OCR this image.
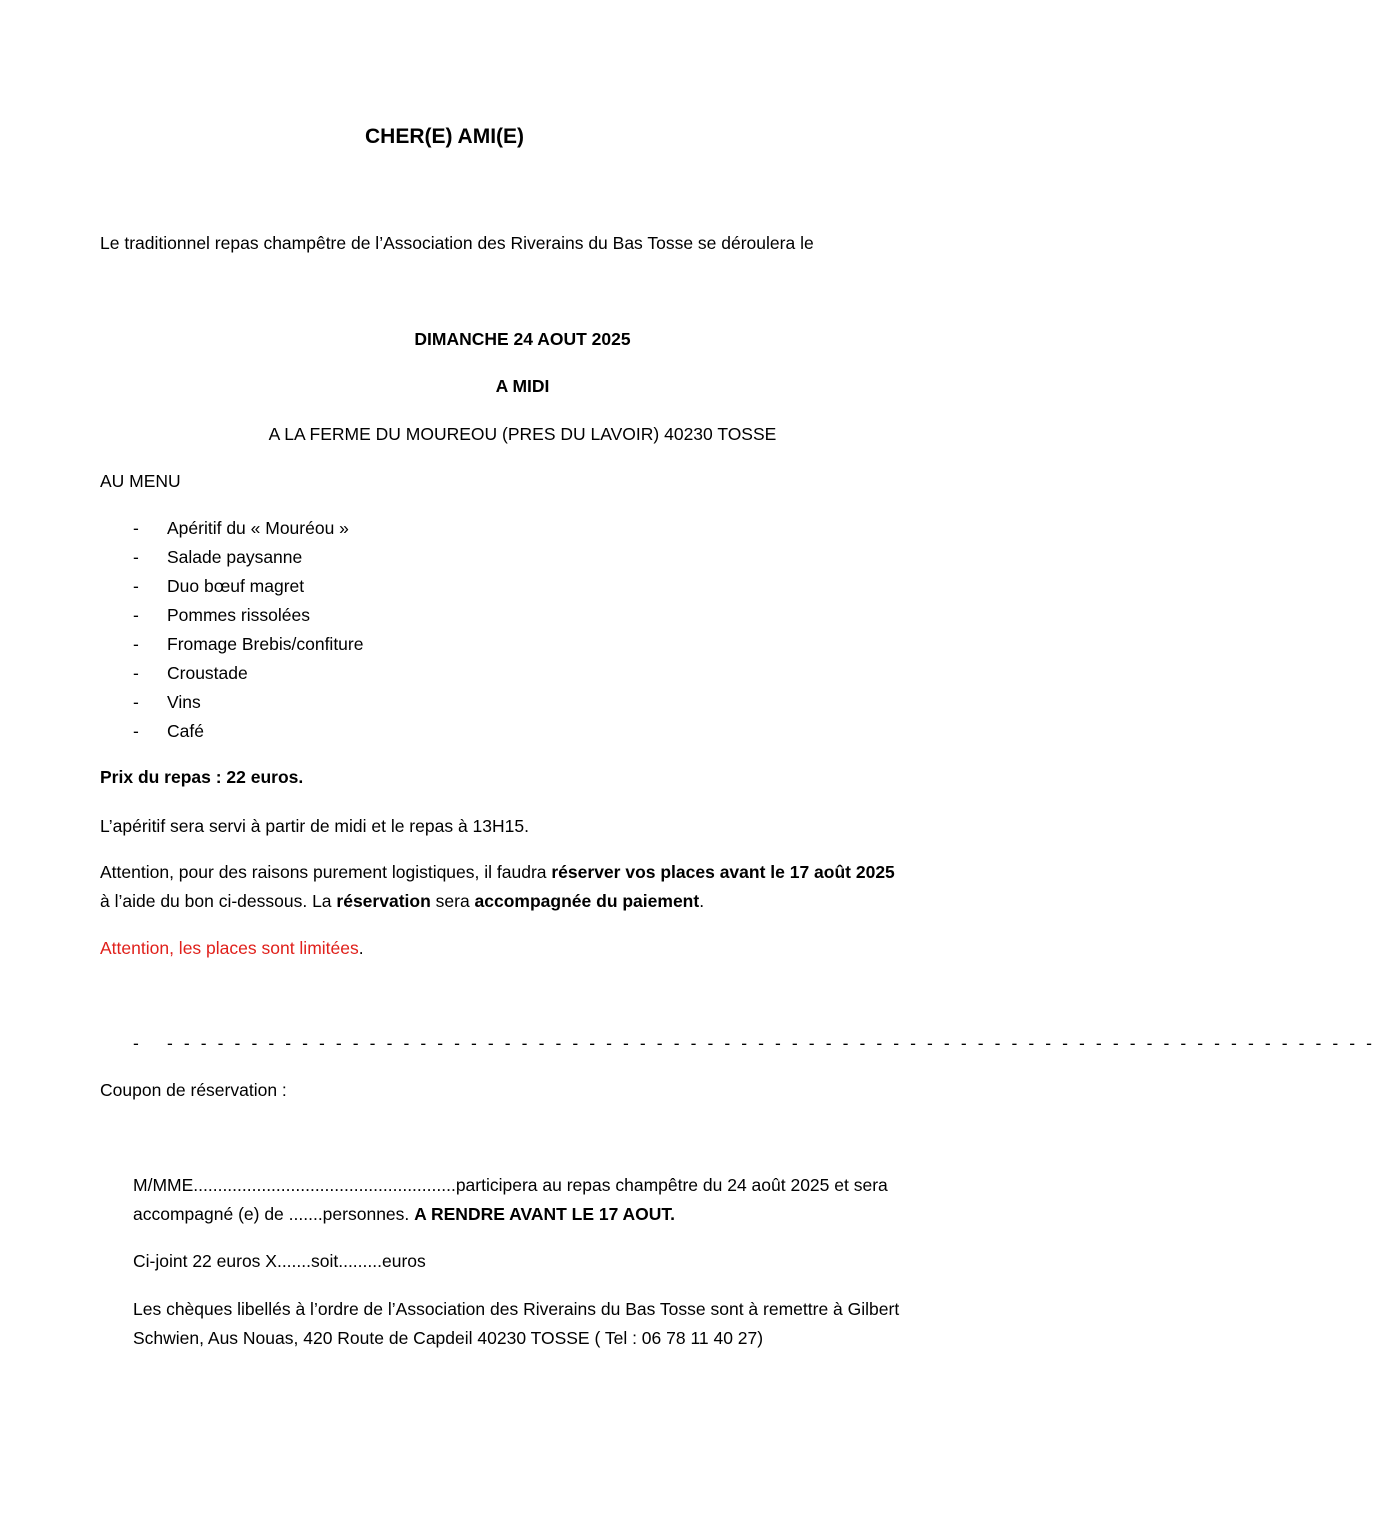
CHER(E) AMI(E)
Le traditionnel repas champêtre de l’Association des Riverains du Bas Tosse se déroulera le
DIMANCHE 24 AOUT 2025
A MIDI
A LA FERME DU MOUREOU (PRES DU LAVOIR) 40230 TOSSE
AU MENU
- Apéritif du « Mouréou »
- Salade paysanne
- Duo bœuf magret
- Pommes rissolées
- Fromage Brebis/confiture
- Croustade
- Vins
- Café
Prix du repas : 22 euros.
L’apéritif sera servi à partir de midi et le repas à 13H15.
Attention, pour des raisons purement logistiques, il faudra réserver vos places avant le 17 août 2025
à l’aide du bon ci-dessous. La réservation sera accompagnée du paiement.
Attention, les places sont limitées.
- - - - - - - - - - - - - - - - - - - - - - - - - - - - - - - - - - - - - - - - - - - - - - - - - - - - - - - - - - - - - - - - - - - - - - - - -
Coupon de réservation :
M/MME......................................................participera au repas champêtre du 24 août 2025 et sera
accompagné (e) de .......personnes. A RENDRE AVANT LE 17 AOUT.
Ci-joint 22 euros X.......soit.........euros
Les chèques libellés à l’ordre de l’Association des Riverains du Bas Tosse sont à remettre à Gilbert
Schwien, Aus Nouas, 420 Route de Capdeil 40230 TOSSE ( Tel : 06 78 11 40 27)
